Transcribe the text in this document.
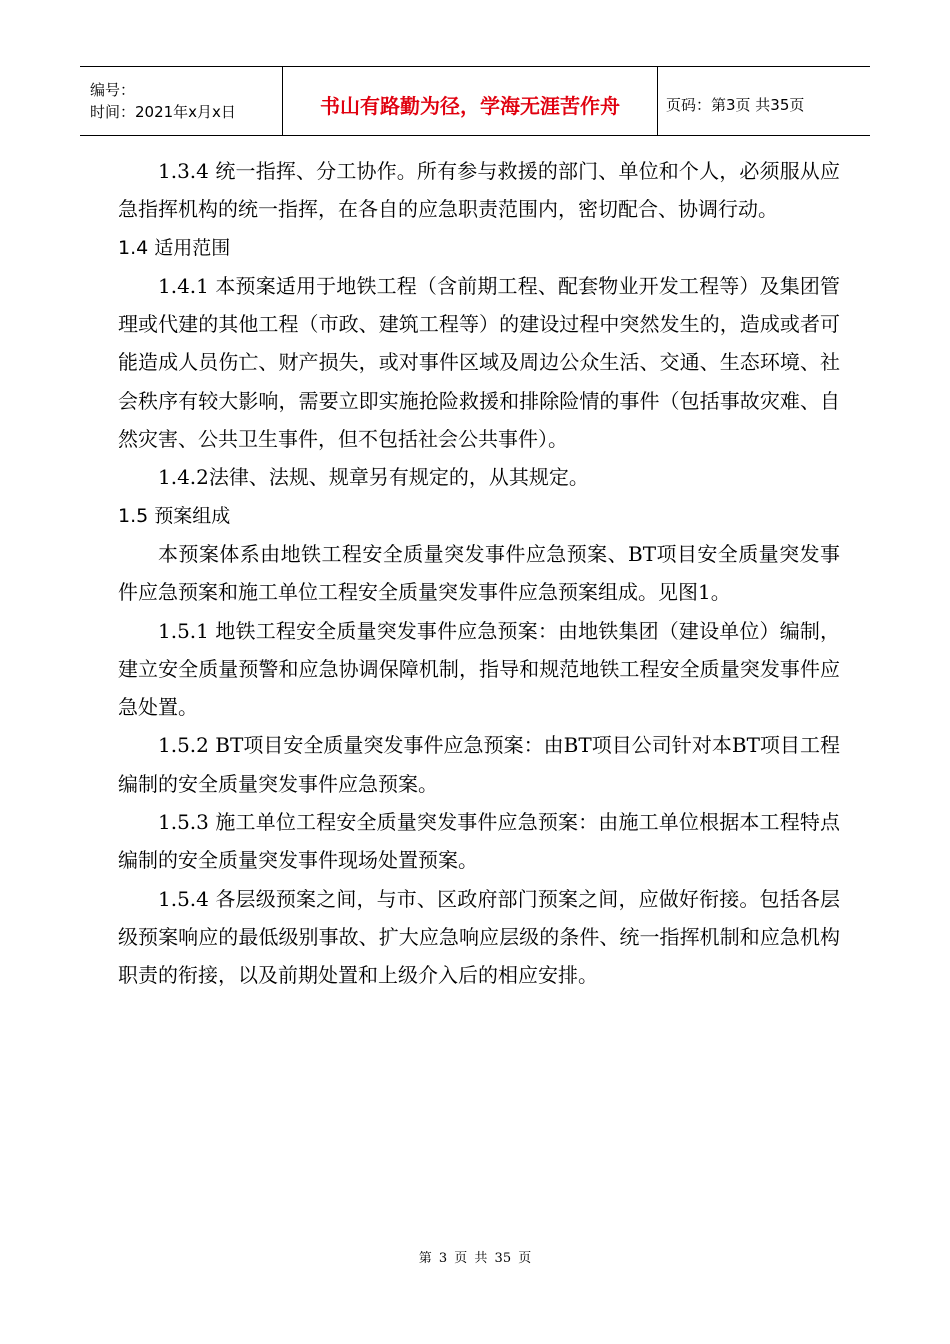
编号：
时间：2021年x月x日	书山有路勤为径，学海无涯苦作舟	页码：第3页 共35页

1.3.4 统一指挥、分工协作。所有参与救援的部门、单位和个人，必须服从应急指挥机构的统一指挥，在各自的应急职责范围内，密切配合、协调行动。

1.4 适用范围

1.4.1 本预案适用于地铁工程（含前期工程、配套物业开发工程等）及集团管理或代建的其他工程（市政、建筑工程等）的建设过程中突然发生的，造成或者可能造成人员伤亡、财产损失，或对事件区域及周边公众生活、交通、生态环境、社会秩序有较大影响，需要立即实施抢险救援和排除险情的事件（包括事故灾难、自然灾害、公共卫生事件，但不包括社会公共事件）。

1.4.2法律、法规、规章另有规定的，从其规定。

1.5 预案组成

本预案体系由地铁工程安全质量突发事件应急预案、BT项目安全质量突发事件应急预案和施工单位工程安全质量突发事件应急预案组成。见图1。

1.5.1 地铁工程安全质量突发事件应急预案：由地铁集团（建设单位）编制，建立安全质量预警和应急协调保障机制，指导和规范地铁工程安全质量突发事件应急处置。

1.5.2 BT项目安全质量突发事件应急预案：由BT项目公司针对本BT项目工程编制的安全质量突发事件应急预案。

1.5.3 施工单位工程安全质量突发事件应急预案：由施工单位根据本工程特点编制的安全质量突发事件现场处置预案。

1.5.4 各层级预案之间，与市、区政府部门预案之间，应做好衔接。包括各层级预案响应的最低级别事故、扩大应急响应层级的条件、统一指挥机制和应急机构职责的衔接，以及前期处置和上级介入后的相应安排。

第 3 页 共 35 页
